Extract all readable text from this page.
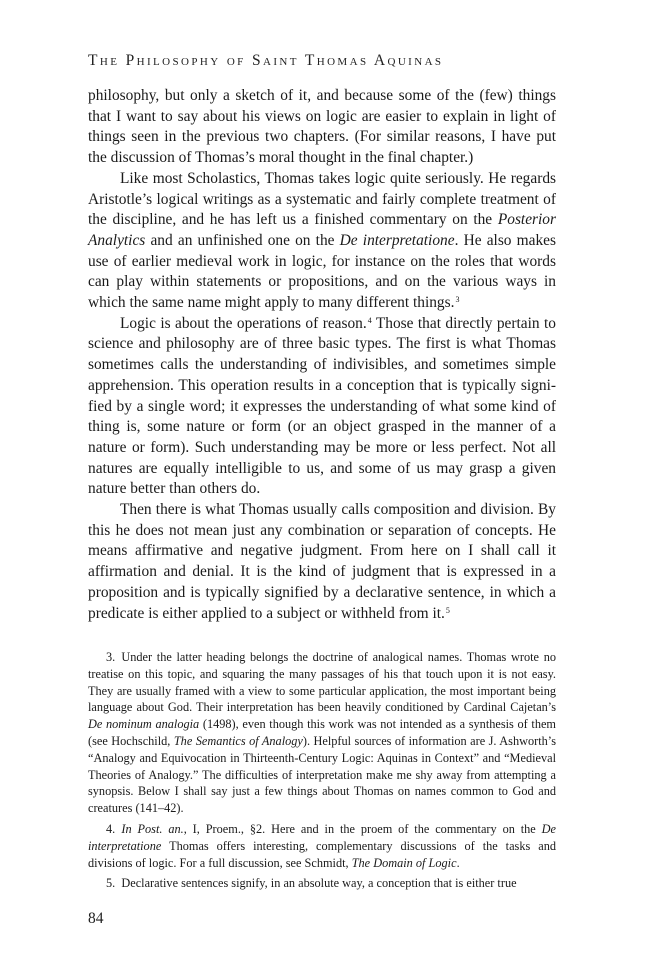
The Philosophy of Saint Thomas Aquinas

philosophy, but only a sketch of it, and because some of the (few) things that I want to say about his views on logic are easier to explain in light of things seen in the previous two chapters. (For similar reasons, I have put the discussion of Thomas’s moral thought in the final chapter.)

Like most Scholastics, Thomas takes logic quite seriously. He regards Aristotle’s logical writings as a systematic and fairly complete treatment of the discipline, and he has left us a finished commentary on the Posterior Analytics and an unfinished one on the De interpretatione. He also makes use of earlier medieval work in logic, for instance on the roles that words can play within statements or propositions, and on the various ways in which the same name might apply to many different things.$^3$

Logic is about the operations of reason.$^4$ Those that directly pertain to science and philosophy are of three basic types. The first is what Thomas sometimes calls the understanding of indivisibles, and sometimes simple apprehension. This operation results in a conception that is typically signified by a single word; it expresses the understanding of what some kind of thing is, some nature or form (or an object grasped in the manner of a nature or form). Such understanding may be more or less perfect. Not all natures are equally intelligible to us, and some of us may grasp a given nature better than others do.

Then there is what Thomas usually calls composition and division. By this he does not mean just any combination or separation of concepts. He means affirmative and negative judgment. From here on I shall call it affirmation and denial. It is the kind of judgment that is expressed in a proposition and is typically signified by a declarative sentence, in which a predicate is either applied to a subject or withheld from it.$^5$

3. Under the latter heading belongs the doctrine of analogical names. Thomas wrote no treatise on this topic, and squaring the many passages of his that touch upon it is not easy. They are usually framed with a view to some particular application, the most important being language about God. Their interpretation has been heavily conditioned by Cardinal Cajetan’s De nominum analogia (1498), even though this work was not intended as a synthesis of them (see Hochschild, The Semantics of Analogy). Helpful sources of information are J. Ashworth’s “Analogy and Equivocation in Thirteenth-Century Logic: Aquinas in Context” and “Medieval Theories of Analogy.” The difficulties of interpretation make me shy away from attempting a synopsis. Below I shall say just a few things about Thomas on names common to God and creatures (141–42).

4. In Post. an., I, Proem., §2. Here and in the proem of the commentary on the De interpretatione Thomas offers interesting, complementary discussions of the tasks and divisions of logic. For a full discussion, see Schmidt, The Domain of Logic.

5. Declarative sentences signify, in an absolute way, a conception that is either true

84
